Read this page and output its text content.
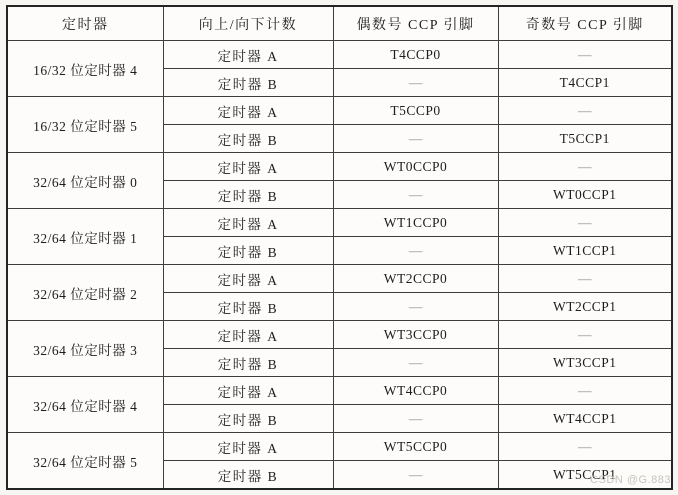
定时器	向上/向下计数	偶数号 CCP 引脚	奇数号 CCP 引脚
16/32 位定时器 4	定时器 A	T4CCP0	—
	定时器 B	—	T4CCP1
16/32 位定时器 5	定时器 A	T5CCP0	—
	定时器 B	—	T5CCP1
32/64 位定时器 0	定时器 A	WT0CCP0	—
	定时器 B	—	WT0CCP1
32/64 位定时器 1	定时器 A	WT1CCP0	—
	定时器 B	—	WT1CCP1
32/64 位定时器 2	定时器 A	WT2CCP0	—
	定时器 B	—	WT2CCP1
32/64 位定时器 3	定时器 A	WT3CCP0	—
	定时器 B	—	WT3CCP1
32/64 位定时器 4	定时器 A	WT4CCP0	—
	定时器 B	—	WT4CCP1
32/64 位定时器 5	定时器 A	WT5CCP0	—
	定时器 B	—	WT5CCP1
CSDN @G.883
